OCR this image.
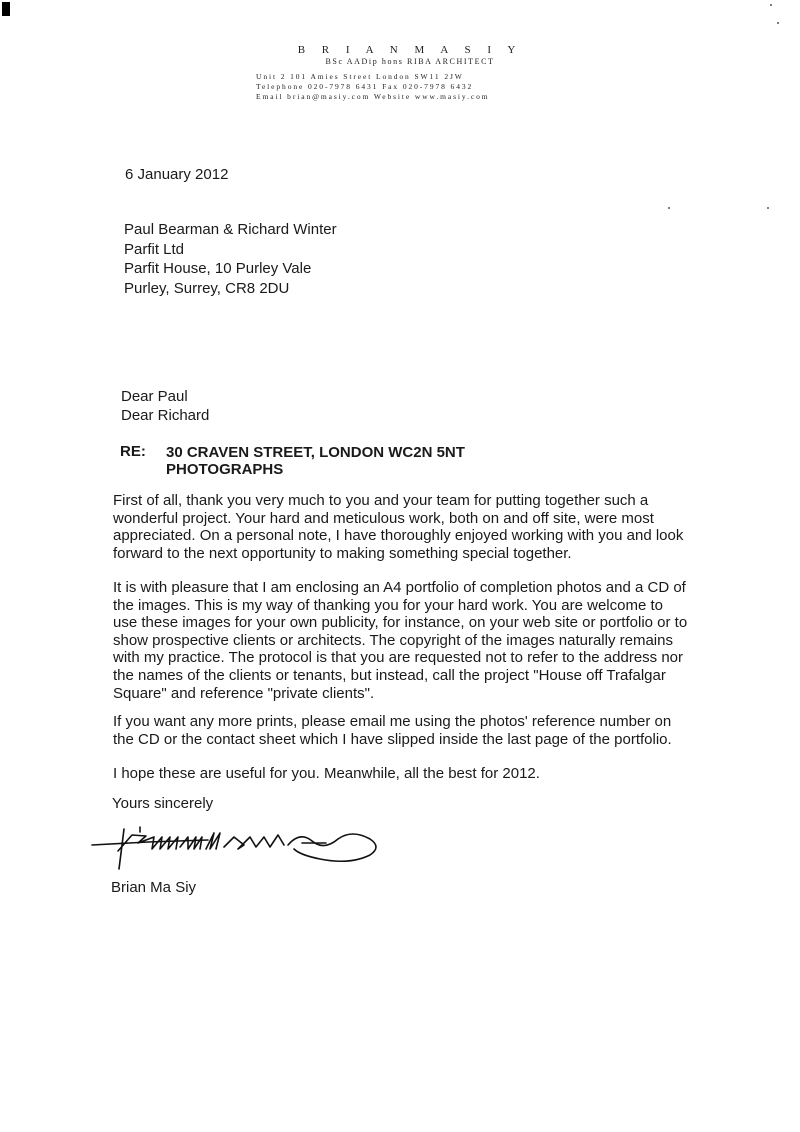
B R I A N M A S I Y
BSc AADip hons RIBA ARCHITECT
Unit 2 101 Amies Street London SW11 2JW
Telephone 020-7978 6431 Fax 020-7978 6432
Email brian@masiy.com Website www.masiy.com
6 January 2012
Paul Bearman & Richard Winter
Parfit Ltd
Parfit House, 10 Purley Vale
Purley, Surrey, CR8 2DU
Dear Paul
Dear Richard
RE: 30 CRAVEN STREET, LONDON WC2N 5NT
PHOTOGRAPHS
First of all, thank you very much to you and your team for putting together such a wonderful project. Your hard and meticulous work, both on and off site, were most appreciated. On a personal note, I have thoroughly enjoyed working with you and look forward to the next opportunity to making something special together.
It is with pleasure that I am enclosing an A4 portfolio of completion photos and a CD of the images. This is my way of thanking you for your hard work. You are welcome to use these images for your own publicity, for instance, on your web site or portfolio or to show prospective clients or architects. The copyright of the images naturally remains with my practice. The protocol is that you are requested not to refer to the address nor the names of the clients or tenants, but instead, call the project "House off Trafalgar Square" and reference "private clients".
If you want any more prints, please email me using the photos' reference number on the CD or the contact sheet which I have slipped inside the last page of the portfolio.
I hope these are useful for you. Meanwhile, all the best for 2012.
Yours sincerely
Brian Ma Siy
